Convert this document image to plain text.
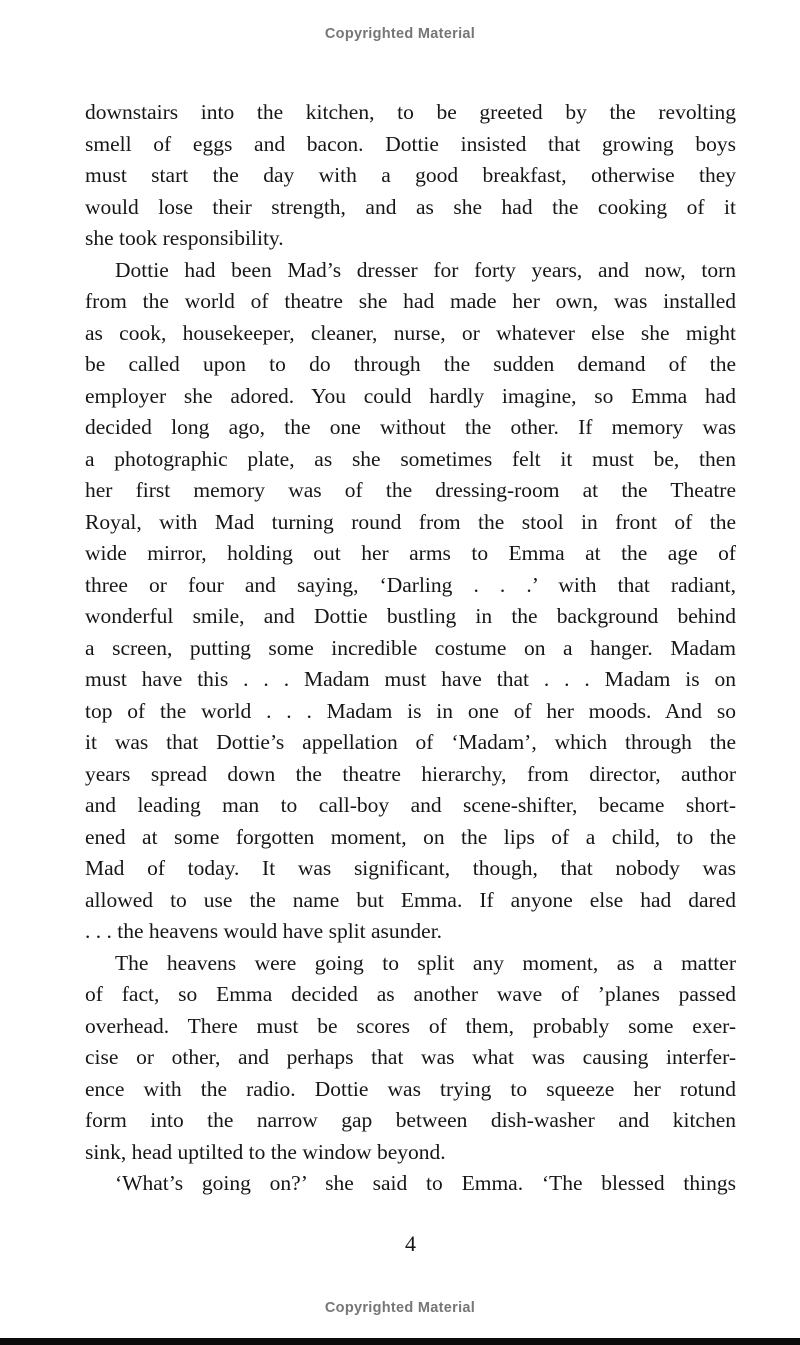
Copyrighted Material

downstairs into the kitchen, to be greeted by the revolting
smell of eggs and bacon. Dottie insisted that growing boys
must start the day with a good breakfast, otherwise they
would lose their strength, and as she had the cooking of it
she took responsibility.

Dottie had been Mad’s dresser for forty years, and now, torn
from the world of theatre she had made her own, was installed
as cook, housekeeper, cleaner, nurse, or whatever else she might
be called upon to do through the sudden demand of the
employer she adored. You could hardly imagine, so Emma had
decided long ago, the one without the other. If memory was
a photographic plate, as she sometimes felt it must be, then
her first memory was of the dressing-room at the Theatre
Royal, with Mad turning round from the stool in front of the
wide mirror, holding out her arms to Emma at the age of
three or four and saying, ‘Darling . . .’ with that radiant,
wonderful smile, and Dottie bustling in the background behind
a screen, putting some incredible costume on a hanger. Madam
must have this . . . Madam must have that . . . Madam is on
top of the world . . . Madam is in one of her moods. And so
it was that Dottie’s appellation of ‘Madam’, which through the
years spread down the theatre hierarchy, from director, author
and leading man to call-boy and scene-shifter, became short-
ened at some forgotten moment, on the lips of a child, to the
Mad of today. It was significant, though, that nobody was
allowed to use the name but Emma. If anyone else had dared
. . . the heavens would have split asunder.

The heavens were going to split any moment, as a matter
of fact, so Emma decided as another wave of ’planes passed
overhead. There must be scores of them, probably some exer-
cise or other, and perhaps that was what was causing interfer-
ence with the radio. Dottie was trying to squeeze her rotund
form into the narrow gap between dish-washer and kitchen
sink, head uptilted to the window beyond.

‘What’s going on?’ she said to Emma. ‘The blessed things

4
Copyrighted Material
